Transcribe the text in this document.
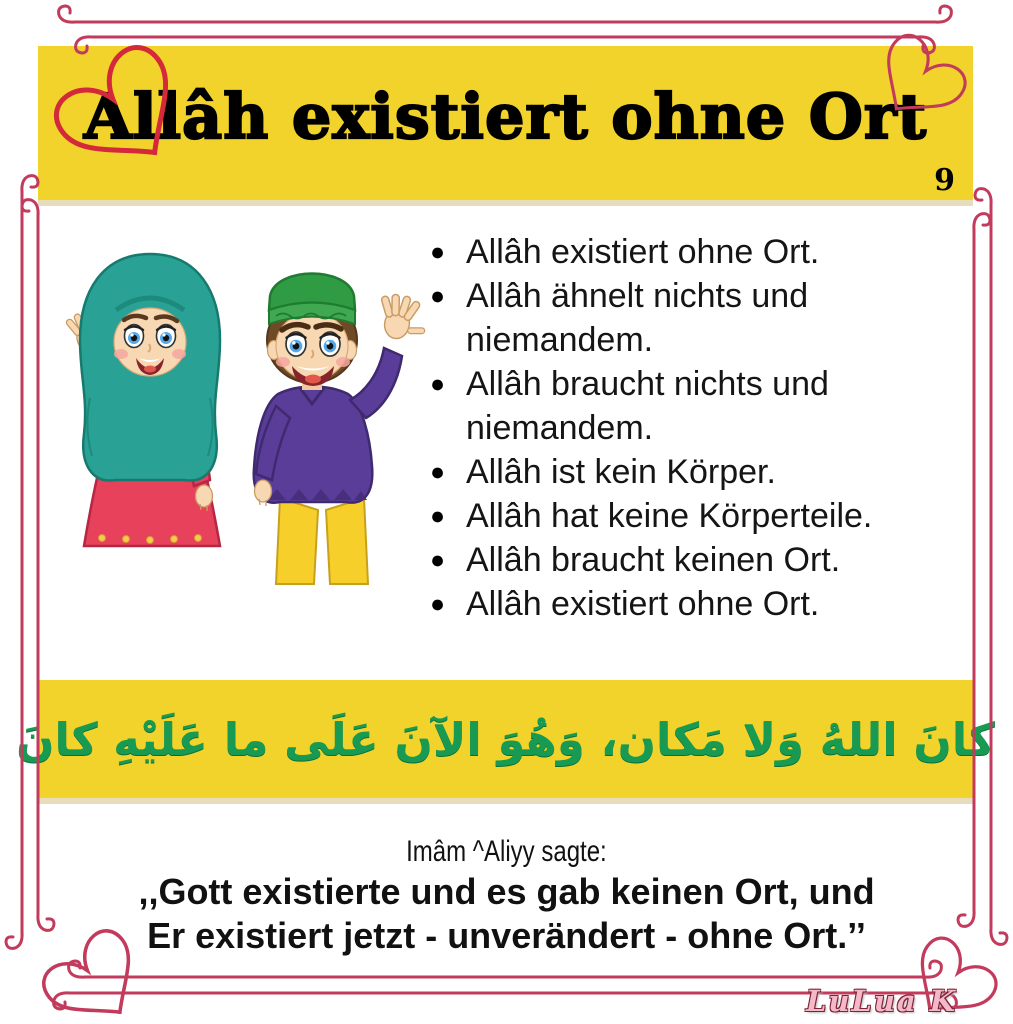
Allâh existiert ohne Ort
9
● Allâh existiert ohne Ort.
● Allâh ähnelt nichts und niemandem.
● Allâh braucht nichts und niemandem.
● Allâh ist kein Körper.
● Allâh hat keine Körperteile.
● Allâh braucht keinen Ort.
● Allâh existiert ohne Ort.
كانَ اللهُ وَلا مَكان، وَهُوَ الآنَ عَلَى ما عَلَيْهِ كانَ
Imâm ^Aliyy sagte:
,,Gott existierte und es gab keinen Ort, und
Er existiert jetzt - unverändert - ohne Ort.’’
LuLua K
